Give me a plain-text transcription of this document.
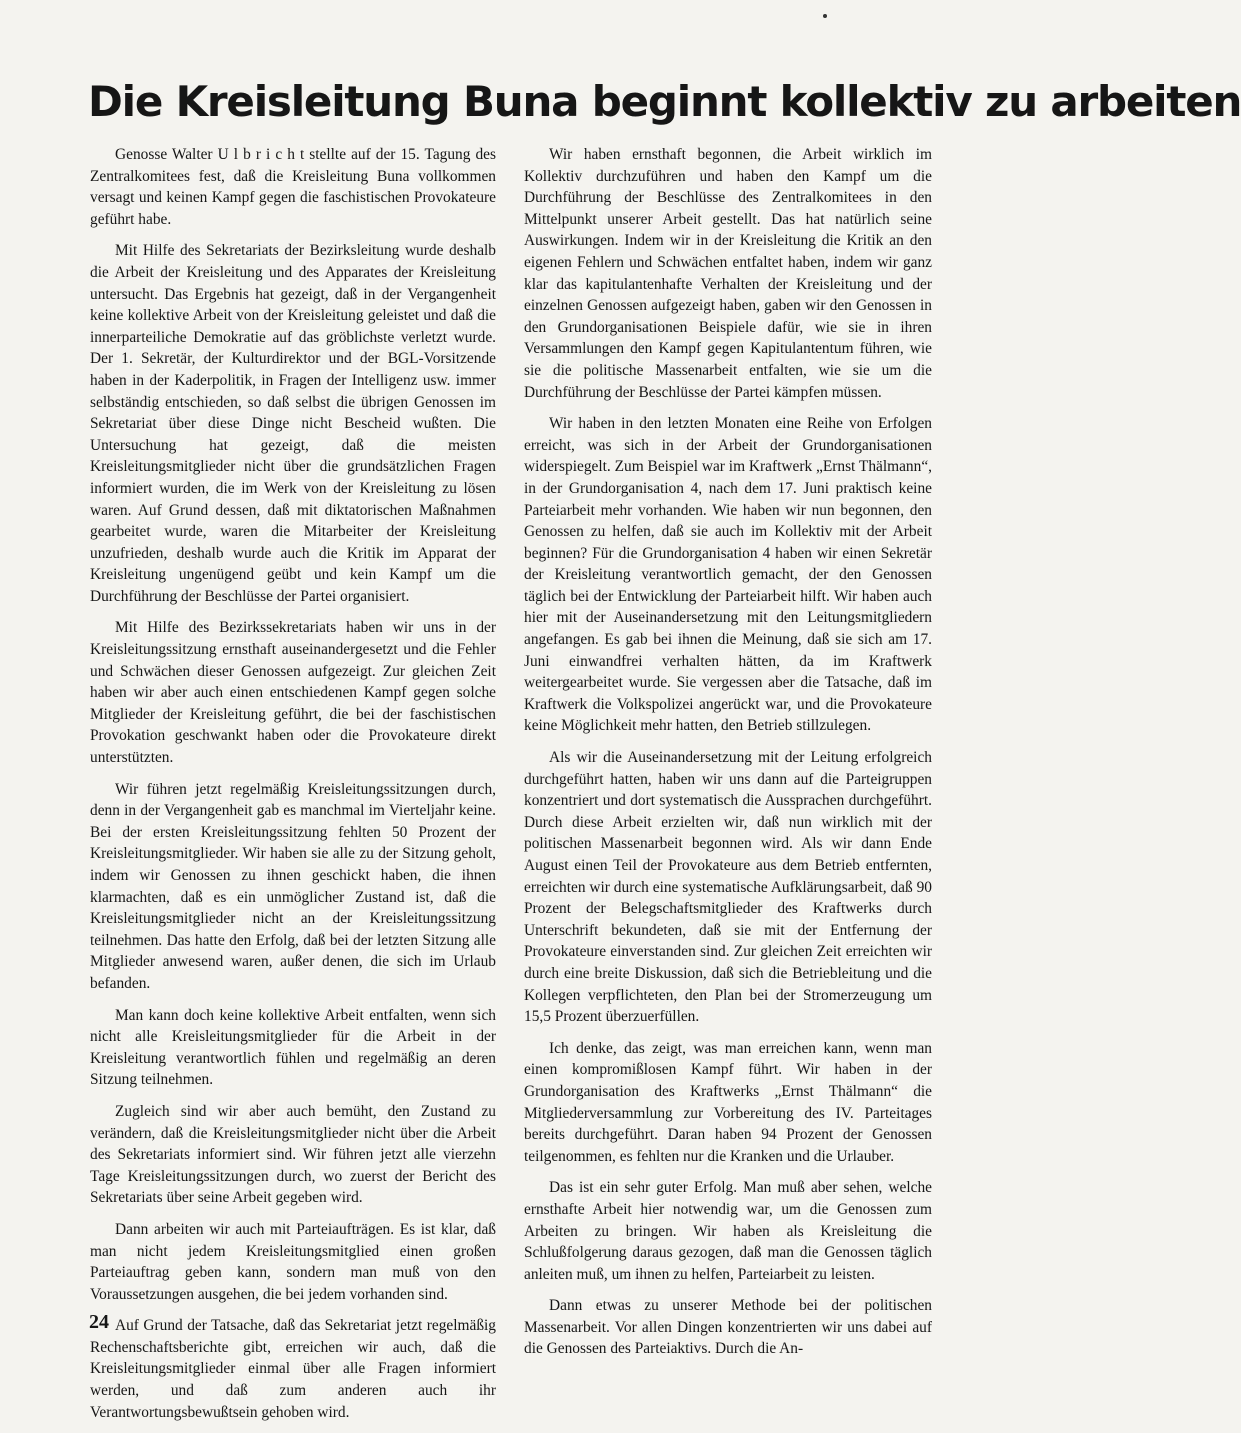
Die Kreisleitung Buna beginnt kollektiv zu arbeiten

Genosse Walter U l b r i c h t stellte auf der 15. Tagung des Zentralkomitees fest, daß die Kreisleitung Buna vollkommen versagt und keinen Kampf gegen die faschistischen Provokateure geführt habe.

Mit Hilfe des Sekretariats der Bezirksleitung wurde deshalb die Arbeit der Kreisleitung und des Apparates der Kreisleitung untersucht. Das Ergebnis hat gezeigt, daß in der Vergangenheit keine kollektive Arbeit von der Kreisleitung geleistet und daß die innerparteiliche Demokratie auf das gröblichste verletzt wurde. Der 1. Sekretär, der Kulturdirektor und der BGL-Vorsitzende haben in der Kaderpolitik, in Fragen der Intelligenz usw. immer selbständig entschieden, so daß selbst die übrigen Genossen im Sekretariat über diese Dinge nicht Bescheid wußten. Die Untersuchung hat gezeigt, daß die meisten Kreisleitungsmitglieder nicht über die grundsätzlichen Fragen informiert wurden, die im Werk von der Kreisleitung zu lösen waren. Auf Grund dessen, daß mit diktatorischen Maßnahmen gearbeitet wurde, waren die Mitarbeiter der Kreisleitung unzufrieden, deshalb wurde auch die Kritik im Apparat der Kreisleitung ungenügend geübt und kein Kampf um die Durchführung der Beschlüsse der Partei organisiert.

Mit Hilfe des Bezirkssekretariats haben wir uns in der Kreisleitungssitzung ernsthaft auseinandergesetzt und die Fehler und Schwächen dieser Genossen aufgezeigt. Zur gleichen Zeit haben wir aber auch einen entschiedenen Kampf gegen solche Mitglieder der Kreisleitung geführt, die bei der faschistischen Provokation geschwankt haben oder die Provokateure direkt unterstützten.

Wir führen jetzt regelmäßig Kreisleitungssitzungen durch, denn in der Vergangenheit gab es manchmal im Vierteljahr keine. Bei der ersten Kreisleitungssitzung fehlten 50 Prozent der Kreisleitungsmitglieder. Wir haben sie alle zu der Sitzung geholt, indem wir Genossen zu ihnen geschickt haben, die ihnen klarmachten, daß es ein unmöglicher Zustand ist, daß die Kreisleitungsmitglieder nicht an der Kreisleitungssitzung teilnehmen. Das hatte den Erfolg, daß bei der letzten Sitzung alle Mitglieder anwesend waren, außer denen, die sich im Urlaub befanden.

Man kann doch keine kollektive Arbeit entfalten, wenn sich nicht alle Kreisleitungsmitglieder für die Arbeit in der Kreisleitung verantwortlich fühlen und regelmäßig an deren Sitzung teilnehmen.

Zugleich sind wir aber auch bemüht, den Zustand zu verändern, daß die Kreisleitungsmitglieder nicht über die Arbeit des Sekretariats informiert sind. Wir führen jetzt alle vierzehn Tage Kreisleitungssitzungen durch, wo zuerst der Bericht des Sekretariats über seine Arbeit gegeben wird.

Dann arbeiten wir auch mit Parteiaufträgen. Es ist klar, daß man nicht jedem Kreisleitungsmitglied einen großen Parteiauftrag geben kann, sondern man muß von den Voraussetzungen ausgehen, die bei jedem vorhanden sind.

Auf Grund der Tatsache, daß das Sekretariat jetzt regelmäßig Rechenschaftsberichte gibt, erreichen wir auch, daß die Kreisleitungsmitglieder einmal über alle Fragen informiert werden, und daß zum anderen auch ihr Verantwortungsbewußtsein gehoben wird.

Wir haben ernsthaft begonnen, die Arbeit wirklich im Kollektiv durchzuführen und haben den Kampf um die Durchführung der Beschlüsse des Zentralkomitees in den Mittelpunkt unserer Arbeit gestellt. Das hat natürlich seine Auswirkungen. Indem wir in der Kreisleitung die Kritik an den eigenen Fehlern und Schwächen entfaltet haben, indem wir ganz klar das kapitulantenhafte Verhalten der Kreisleitung und der einzelnen Genossen aufgezeigt haben, gaben wir den Genossen in den Grundorganisationen Beispiele dafür, wie sie in ihren Versammlungen den Kampf gegen Kapitulantentum führen, wie sie die politische Massenarbeit entfalten, wie sie um die Durchführung der Beschlüsse der Partei kämpfen müssen.

Wir haben in den letzten Monaten eine Reihe von Erfolgen erreicht, was sich in der Arbeit der Grundorganisationen widerspiegelt. Zum Beispiel war im Kraftwerk „Ernst Thälmann“, in der Grundorganisation 4, nach dem 17. Juni praktisch keine Parteiarbeit mehr vorhanden. Wie haben wir nun begonnen, den Genossen zu helfen, daß sie auch im Kollektiv mit der Arbeit beginnen? Für die Grundorganisation 4 haben wir einen Sekretär der Kreisleitung verantwortlich gemacht, der den Genossen täglich bei der Entwicklung der Parteiarbeit hilft. Wir haben auch hier mit der Auseinandersetzung mit den Leitungsmitgliedern angefangen. Es gab bei ihnen die Meinung, daß sie sich am 17. Juni einwandfrei verhalten hätten, da im Kraftwerk weitergearbeitet wurde. Sie vergessen aber die Tatsache, daß im Kraftwerk die Volkspolizei angerückt war, und die Provokateure keine Möglichkeit mehr hatten, den Betrieb stillzulegen.

Als wir die Auseinandersetzung mit der Leitung erfolgreich durchgeführt hatten, haben wir uns dann auf die Parteigruppen konzentriert und dort systematisch die Aussprachen durchgeführt. Durch diese Arbeit erzielten wir, daß nun wirklich mit der politischen Massenarbeit begonnen wird. Als wir dann Ende August einen Teil der Provokateure aus dem Betrieb entfernten, erreichten wir durch eine systematische Aufklärungsarbeit, daß 90 Prozent der Belegschaftsmitglieder des Kraftwerks durch Unterschrift bekundeten, daß sie mit der Entfernung der Provokateure einverstanden sind. Zur gleichen Zeit erreichten wir durch eine breite Diskussion, daß sich die Betriebleitung und die Kollegen verpflichteten, den Plan bei der Stromerzeugung um 15,5 Prozent überzuerfüllen.

Ich denke, das zeigt, was man erreichen kann, wenn man einen kompromißlosen Kampf führt. Wir haben in der Grundorganisation des Kraftwerks „Ernst Thälmann“ die Mitgliederversammlung zur Vorbereitung des IV. Parteitages bereits durchgeführt. Daran haben 94 Prozent der Genossen teilgenommen, es fehlten nur die Kranken und die Urlauber.

Das ist ein sehr guter Erfolg. Man muß aber sehen, welche ernsthafte Arbeit hier notwendig war, um die Genossen zum Arbeiten zu bringen. Wir haben als Kreisleitung die Schlußfolgerung daraus gezogen, daß man die Genossen täglich anleiten muß, um ihnen zu helfen, Parteiarbeit zu leisten.

Dann etwas zu unserer Methode bei der politischen Massenarbeit. Vor allen Dingen konzentrierten wir uns dabei auf die Genossen des Parteiaktivs. Durch die An-

24
